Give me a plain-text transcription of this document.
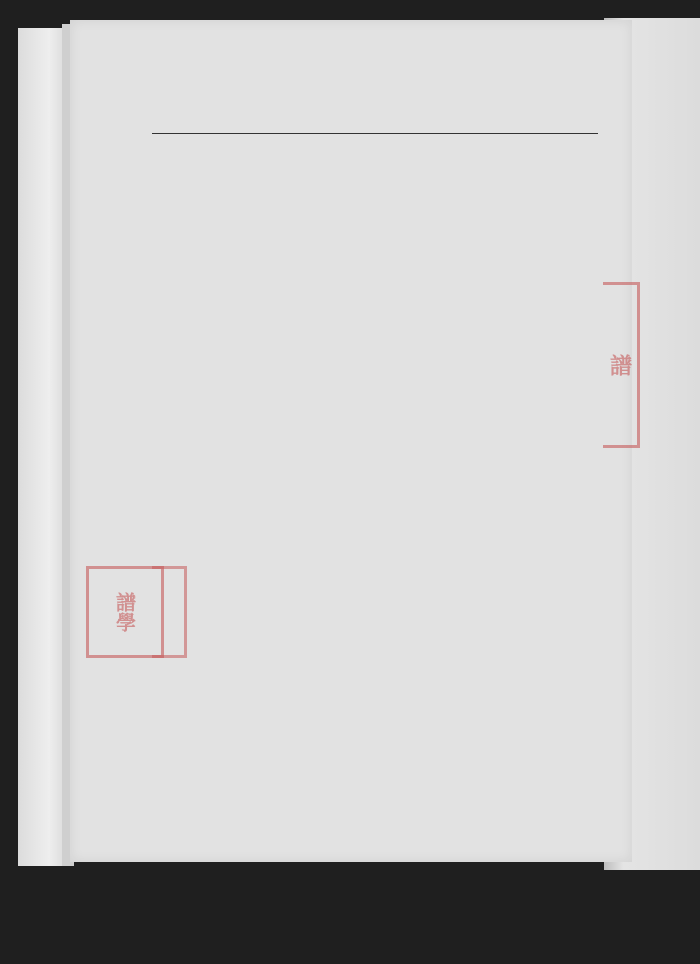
譜
譜學
